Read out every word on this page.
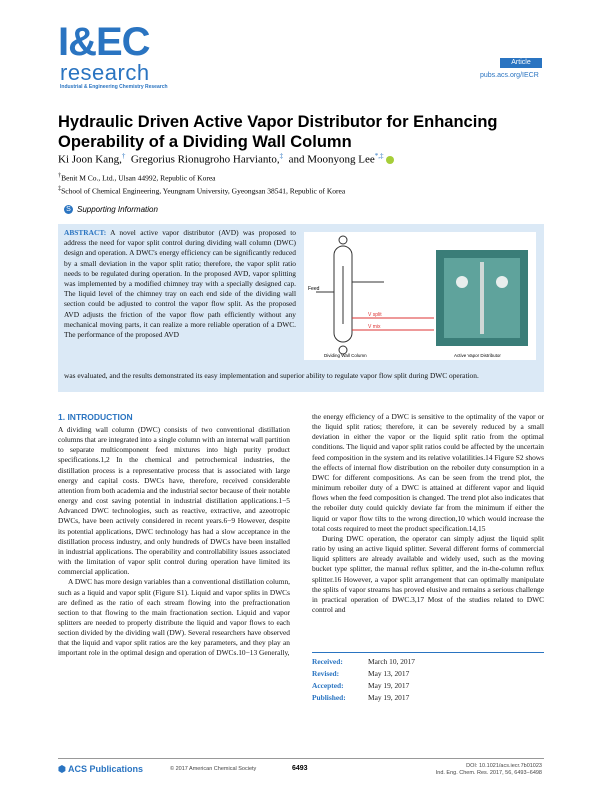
I&EC
research
Industrial & Engineering Chemistry Research
Article
pubs.acs.org/IECR
Hydraulic Driven Active Vapor Distributor for Enhancing Operability of a Dividing Wall Column
Ki Joon Kang,† Gregorius Rionugroho Harvianto,‡ and Moonyong Lee*,‡
†Benit M Co., Ltd., Ulsan 44992, Republic of Korea
‡School of Chemical Engineering, Yeungnam University, Gyeongsan 38541, Republic of Korea
S Supporting Information
ABSTRACT: A novel active vapor distributor (AVD) was proposed to address the need for vapor split control during dividing wall column (DWC) design and operation. A DWC's energy efficiency can be significantly reduced by a small deviation in the vapor split ratio; therefore, the vapor split ratio needs to be regulated during operation. In the proposed AVD, vapor splitting was implemented by a modified chimney tray with a specially designed cap. The liquid level of the chimney tray on each end side of the dividing wall section could be adjusted to control the vapor flow split. As the proposed AVD adjusts the friction of the vapor flow path efficiently without any mechanical moving parts, it can realize a more reliable operation of a DWC. The performance of the proposed AVD
was evaluated, and the results demonstrated its easy implementation and superior ability to regulate vapor flow split during DWC operation.
Feed
V split
V mix
Dividing Wall Column	Active Vapor Distributor
1. INTRODUCTION
A dividing wall column (DWC) consists of two conventional distillation columns that are integrated into a single column with an internal wall partition to separate multicomponent feed mixtures into high purity product specifications.1,2 In the chemical and petrochemical industries, the distillation process is a representative process that is associated with large energy and capital costs. DWCs have, therefore, received considerable attention from both academia and the industrial sector because of their notable energy and cost saving potential in industrial distillation applications.1−5 Advanced DWC technologies, such as reactive, extractive, and azeotropic DWCs, have been actively considered in recent years.6−9 However, despite its potential applications, DWC technology has had a slow acceptance in the distillation process industry, and only hundreds of DWCs have been installed in industrial applications. The operability and controllability issues associated with the limitation of vapor split control during operation have limited its commercial application.
A DWC has more design variables than a conventional distillation column, such as a liquid and vapor split (Figure S1). Liquid and vapor splits in DWCs are defined as the ratio of each stream flowing into the prefractionation section to that flowing to the main fractionation section. Liquid and vapor splitters are needed to properly distribute the liquid and vapor flows to each section divided by the dividing wall (DW). Several researchers have observed that the liquid and vapor split ratios are the key parameters, and they play an important role in the optimal design and operation of DWCs.10−13 Generally,
the energy efficiency of a DWC is sensitive to the optimality of the vapor or the liquid split ratios; therefore, it can be severely reduced by a small deviation in either the vapor or the liquid split ratio from the optimal conditions. The liquid and vapor split ratios could be affected by the uncertain feed composition in the system and its relative volatilities.14 Figure S2 shows the effects of internal flow distribution on the reboiler duty consumption in a DWC for different compositions. As can be seen from the trend plot, the minimum reboiler duty of a DWC is attained at different vapor and liquid flows when the feed composition is changed. The trend plot also indicates that the reboiler duty could quickly deviate far from the minimum if either the liquid or vapor flow tilts to the wrong direction,10 which would increase the total costs required to meet the product specification.14,15
During DWC operation, the operator can simply adjust the liquid split ratio by using an active liquid splitter. Several different forms of commercial liquid splitters are already available and widely used, such as the moving bucket type splitter, the manual reflux splitter, and the in-the-column reflux splitter.16 However, a vapor split arrangement that can optimally manipulate the splits of vapor streams has proved elusive and remains a serious challenge in practical operation of DWC.3,17 Most of the studies related to DWC control and
Received:	March 10, 2017
Revised:	May 13, 2017
Accepted:	May 19, 2017
Published:	May 19, 2017
⬢ ACS Publications	© 2017 American Chemical Society	6493	DOI: 10.1021/acs.iecr.7b01023
Ind. Eng. Chem. Res. 2017, 56, 6493−6498
